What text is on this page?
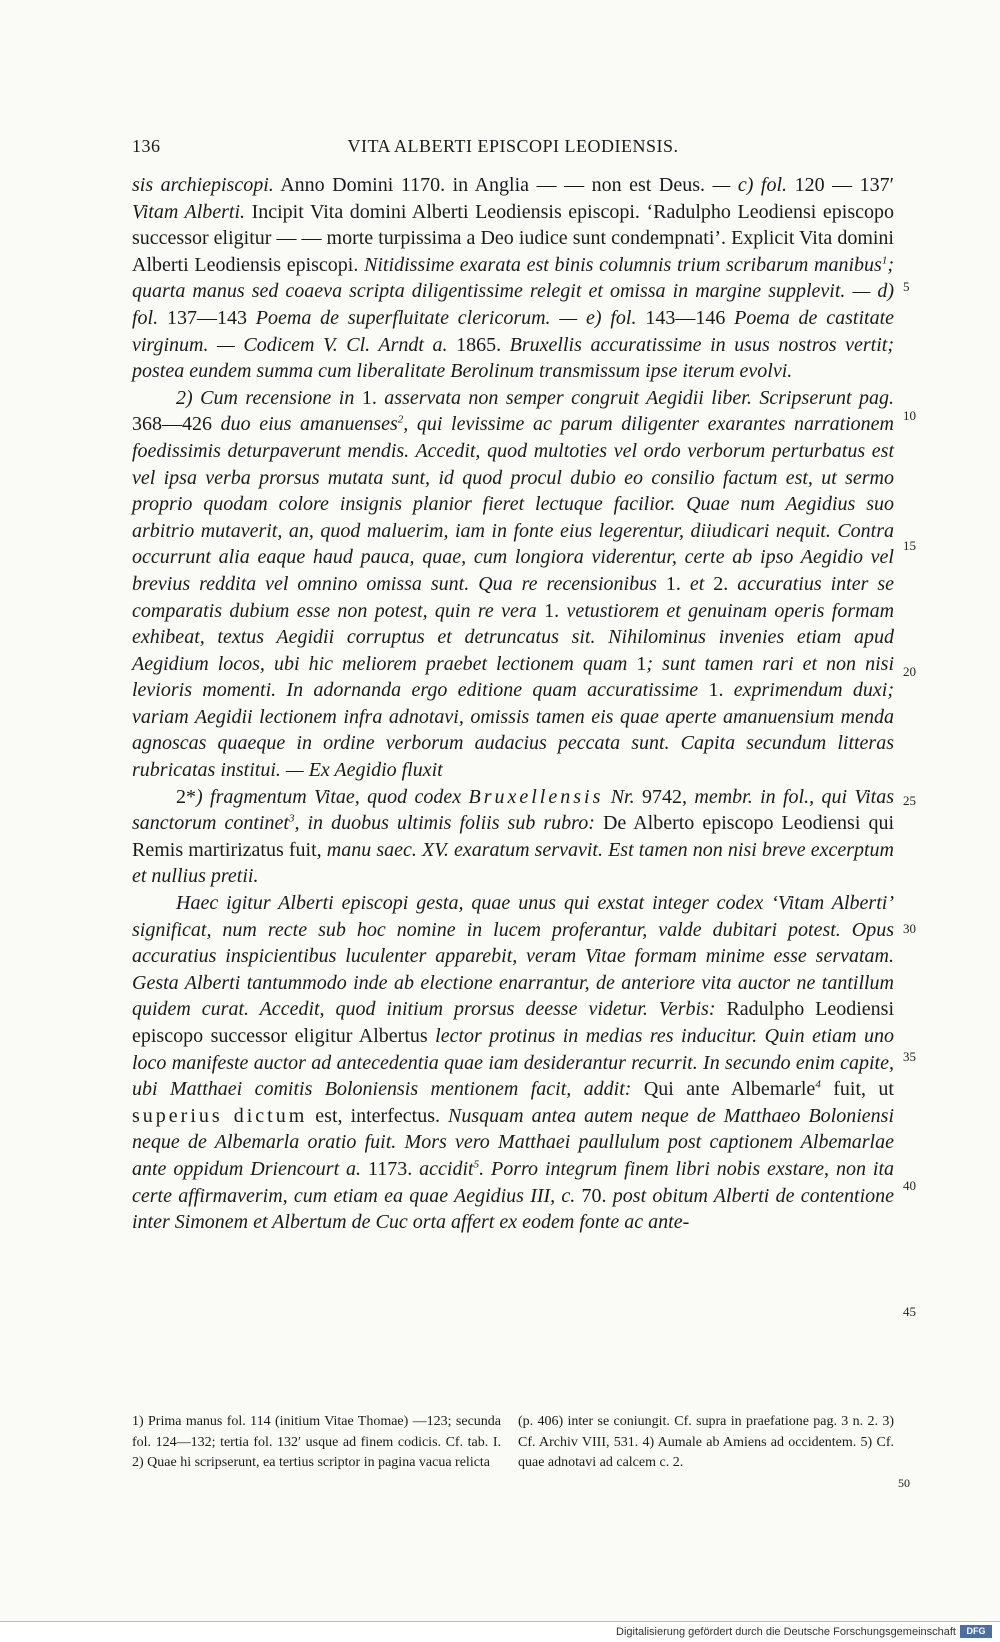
136	VITA ALBERTI EPISCOPI LEODIENSIS.

sis archiepiscopi. Anno Domini 1170. in Anglia — — non est Deus. — c) fol. 120 — 137′ Vitam Alberti. Incipit Vita domini Alberti Leodiensis episcopi. ‘Radulpho Leodiensi episcopo successor eligitur — — morte turpissima a Deo iudice sunt condempnati’. Explicit Vita domini Alberti Leodiensis episcopi. Nitidissime exarata est binis columnis trium scribarum manibus$^1$; quarta manus sed coaeva scripta diligentissime relegit et omissa in margine supplevit. — d) fol. 137—143 Poema de superfluitate clericorum. — e) fol. 143—146 Poema de castitate virginum. — Codicem V. Cl. Arndt a. 1865. Bruxellis accuratissime in usus nostros vertit; postea eundem summa cum liberalitate Berolinum transmissum ipse iterum evolvi.

2) Cum recensione in 1. asservata non semper congruit Aegidii liber. Scripserunt pag. 368—426 duo eius amanuenses$^2$, qui levissime ac parum diligenter exarantes narrationem foedissimis deturpaverunt mendis. Accedit, quod multoties vel ordo verborum perturbatus est vel ipsa verba prorsus mutata sunt, id quod procul dubio eo consilio factum est, ut sermo proprio quodam colore insignis planior fieret lectuque facilior. Quae num Aegidius suo arbitrio mutaverit, an, quod maluerim, iam in fonte eius legerentur, diiudicari nequit. Contra occurrunt alia eaque haud pauca, quae, cum longiora viderentur, certe ab ipso Aegidio vel brevius reddita vel omnino omissa sunt. Qua re recensionibus 1. et 2. accuratius inter se comparatis dubium esse non potest, quin re vera 1. vetustiorem et genuinam operis formam exhibeat, textus Aegidii corruptus et detruncatus sit. Nihilominus invenies etiam apud Aegidium locos, ubi hic meliorem praebet lectionem quam 1; sunt tamen rari et non nisi levioris momenti. In adornanda ergo editione quam accuratissime 1. exprimendum duxi; variam Aegidii lectionem infra adnotavi, omissis tamen eis quae aperte amanuensium menda agnoscas quaeque in ordine verborum audacius peccata sunt. Capita secundum litteras rubricatas institui. — Ex Aegidio fluxit

2*) fragmentum Vitae, quod codex Bruxellensis Nr. 9742, membr. in fol., qui Vitas sanctorum continet$^3$, in duobus ultimis foliis sub rubro: De Alberto episcopo Leodiensi qui Remis martirizatus fuit, manu saec. XV. exaratum servavit. Est tamen non nisi breve excerptum et nullius pretii.

Haec igitur Alberti episcopi gesta, quae unus qui exstat integer codex ‘Vitam Alberti’ significat, num recte sub hoc nomine in lucem proferantur, valde dubitari potest. Opus accuratius inspicientibus luculenter apparebit, veram Vitae formam minime esse servatam. Gesta Alberti tantummodo inde ab electione enarrantur, de anteriore vita auctor ne tantillum quidem curat. Accedit, quod initium prorsus deesse videtur. Verbis: Radulpho Leodiensi episcopo successor eligitur Albertus lector protinus in medias res inducitur. Quin etiam uno loco manifeste auctor ad antecedentia quae iam desiderantur recurrit. In secundo enim capite, ubi Matthaei comitis Boloniensis mentionem facit, addit: Qui ante Albemarle$^4$ fuit, ut superius dictum est, interfectus. Nusquam antea autem neque de Matthaeo Boloniensi neque de Albemarla oratio fuit. Mors vero Matthaei paullulum post captionem Albemarlae ante oppidum Driencourt a. 1173. accidit$^5$. Porro integrum finem libri nobis exstare, non ita certe affirmaverim, cum etiam ea quae Aegidius III, c. 70. post obitum Alberti de contentione inter Simonem et Albertum de Cuc orta affert ex eodem fonte ac ante-

5
10
15
20
25
30
35
40
45
1) Prima manus fol. 114 (initium Vitae Thomae) —123; secunda fol. 124—132; tertia fol. 132′ usque ad finem codicis. Cf. tab. I. 2) Quae hi scripserunt, ea tertius scriptor in pagina vacua relicta
(p. 406) inter se coniungit. Cf. supra in praefatione pag. 3 n. 2. 3) Cf. Archiv VIII, 531. 4) Aumale ab Amiens ad occidentem. 5) Cf. quae adnotavi ad calcem c. 2.
50
Digitalisierung gefördert durch die Deutsche Forschungsgemeinschaft	DFG
